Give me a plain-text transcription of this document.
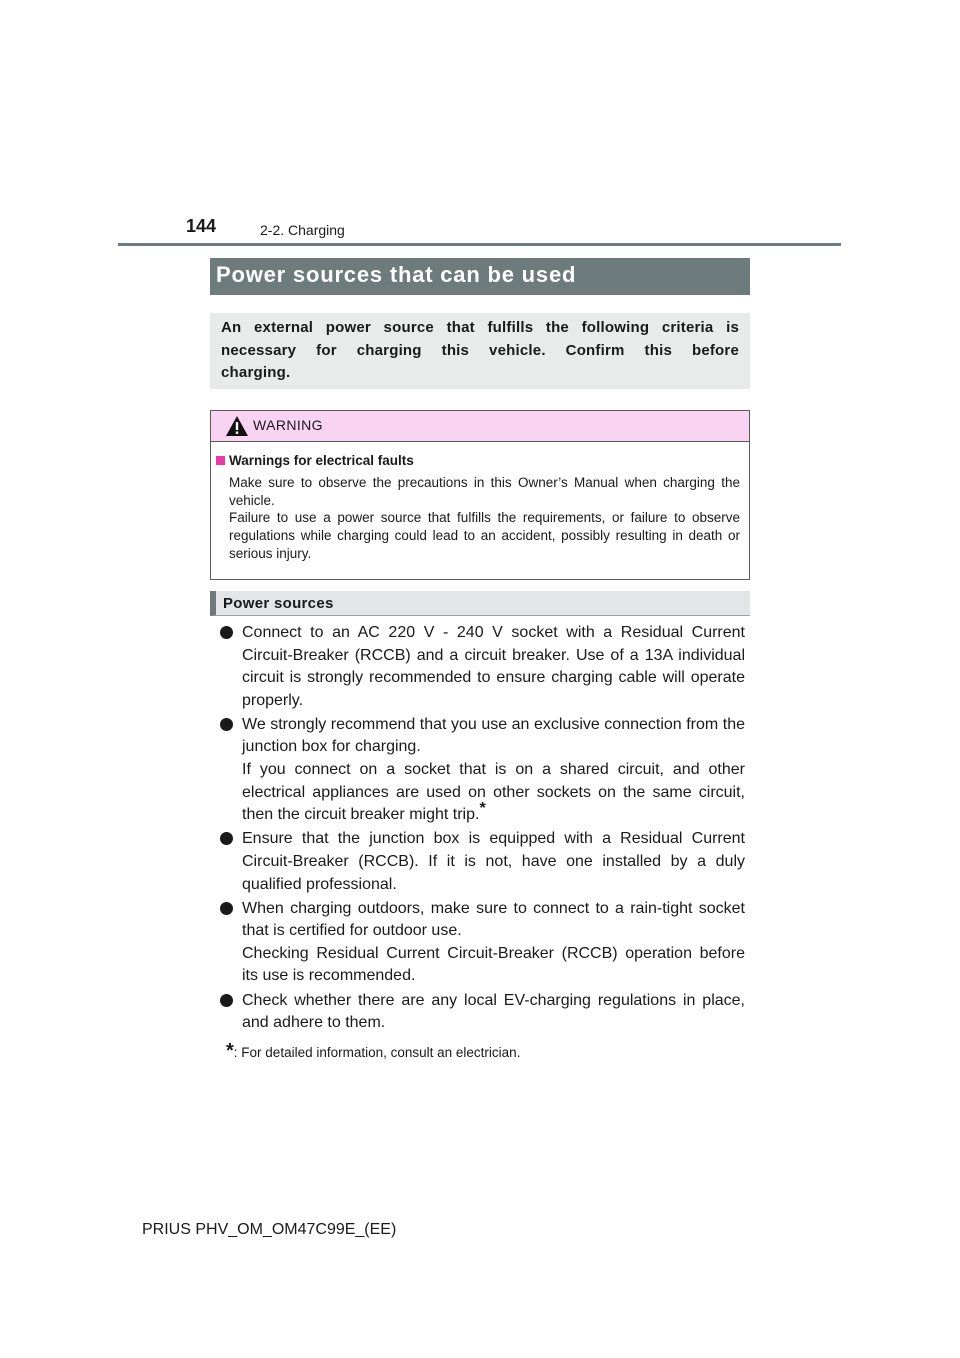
144	2-2. Charging
Power sources that can be used
An external power source that fulfills the following criteria is necessary for charging this vehicle. Confirm this before charging.
WARNING
Warnings for electrical faults

Make sure to observe the precautions in this Owner’s Manual when charging the vehicle.

Failure to use a power source that fulfills the requirements, or failure to observe regulations while charging could lead to an accident, possibly resulting in death or serious injury.

Power sources

Connect to an AC 220 V - 240 V socket with a Residual Current Circuit-Breaker (RCCB) and a circuit breaker. Use of a 13A individual circuit is strongly recommended to ensure charging cable will operate properly.

We strongly recommend that you use an exclusive connection from the junction box for charging.

If you connect on a socket that is on a shared circuit, and other electrical appliances are used on other sockets on the same circuit, then the circuit breaker might trip.*

Ensure that the junction box is equipped with a Residual Current Circuit-Breaker (RCCB). If it is not, have one installed by a duly qualified professional.

When charging outdoors, make sure to connect to a rain-tight socket that is certified for outdoor use.

Checking Residual Current Circuit-Breaker (RCCB) operation before its use is recommended.

Check whether there are any local EV-charging regulations in place, and adhere to them.

*: For detailed information, consult an electrician.
PRIUS PHV_OM_OM47C99E_(EE)
